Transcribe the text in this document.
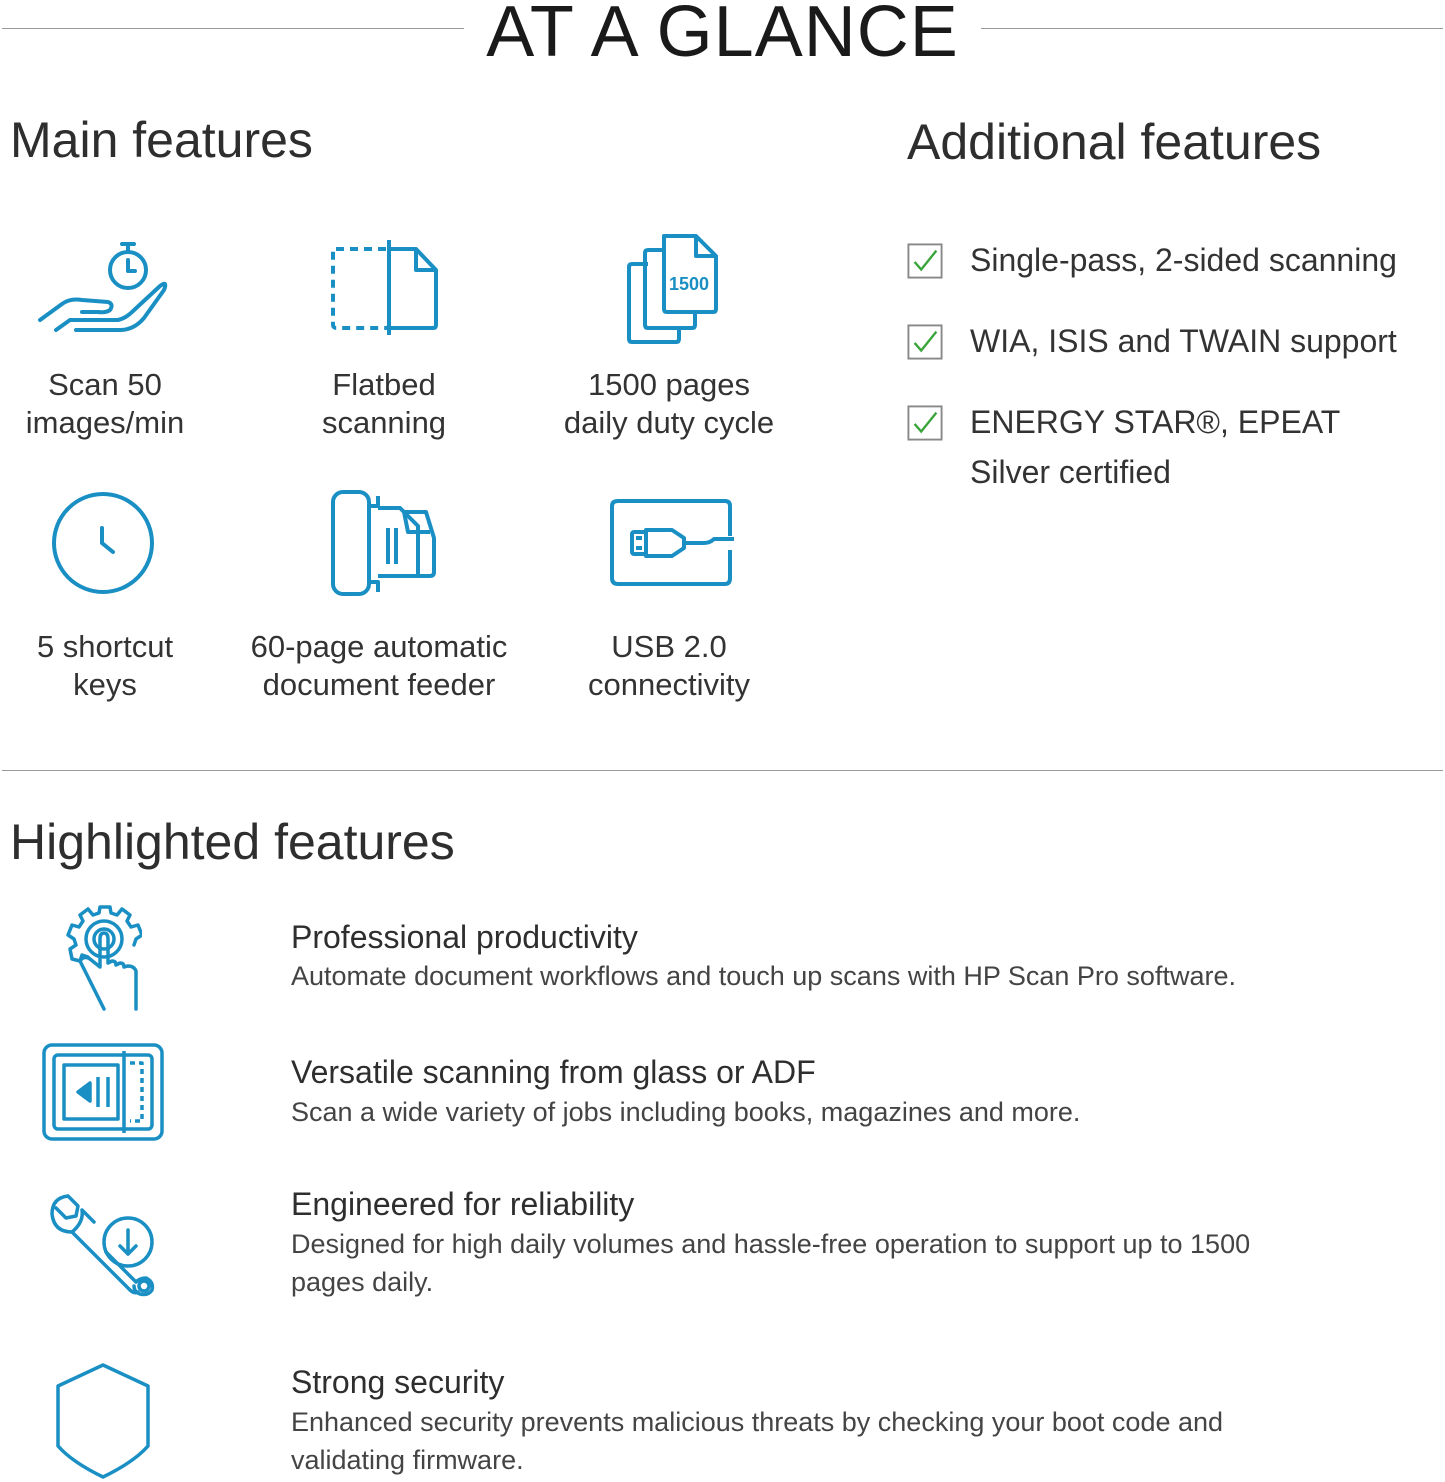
AT A GLANCE
Main features	Additional features
1500
Scan 50
images/min
Flatbed
scanning
1500 pages
daily duty cycle
5 shortcut
keys
60-page automatic
document feeder
USB 2.0
connectivity
Single-pass, 2-sided scanning
WIA, ISIS and TWAIN support
ENERGY STAR®, EPEAT Silver certified
Highlighted features
Professional productivity
Automate document workflows and touch up scans with HP Scan Pro software.
Versatile scanning from glass or ADF
Scan a wide variety of jobs including books, magazines and more.
Engineered for reliability
Designed for high daily volumes and hassle-free operation to support up to 1500 pages daily.
Strong security
Enhanced security prevents malicious threats by checking your boot code and validating firmware.
